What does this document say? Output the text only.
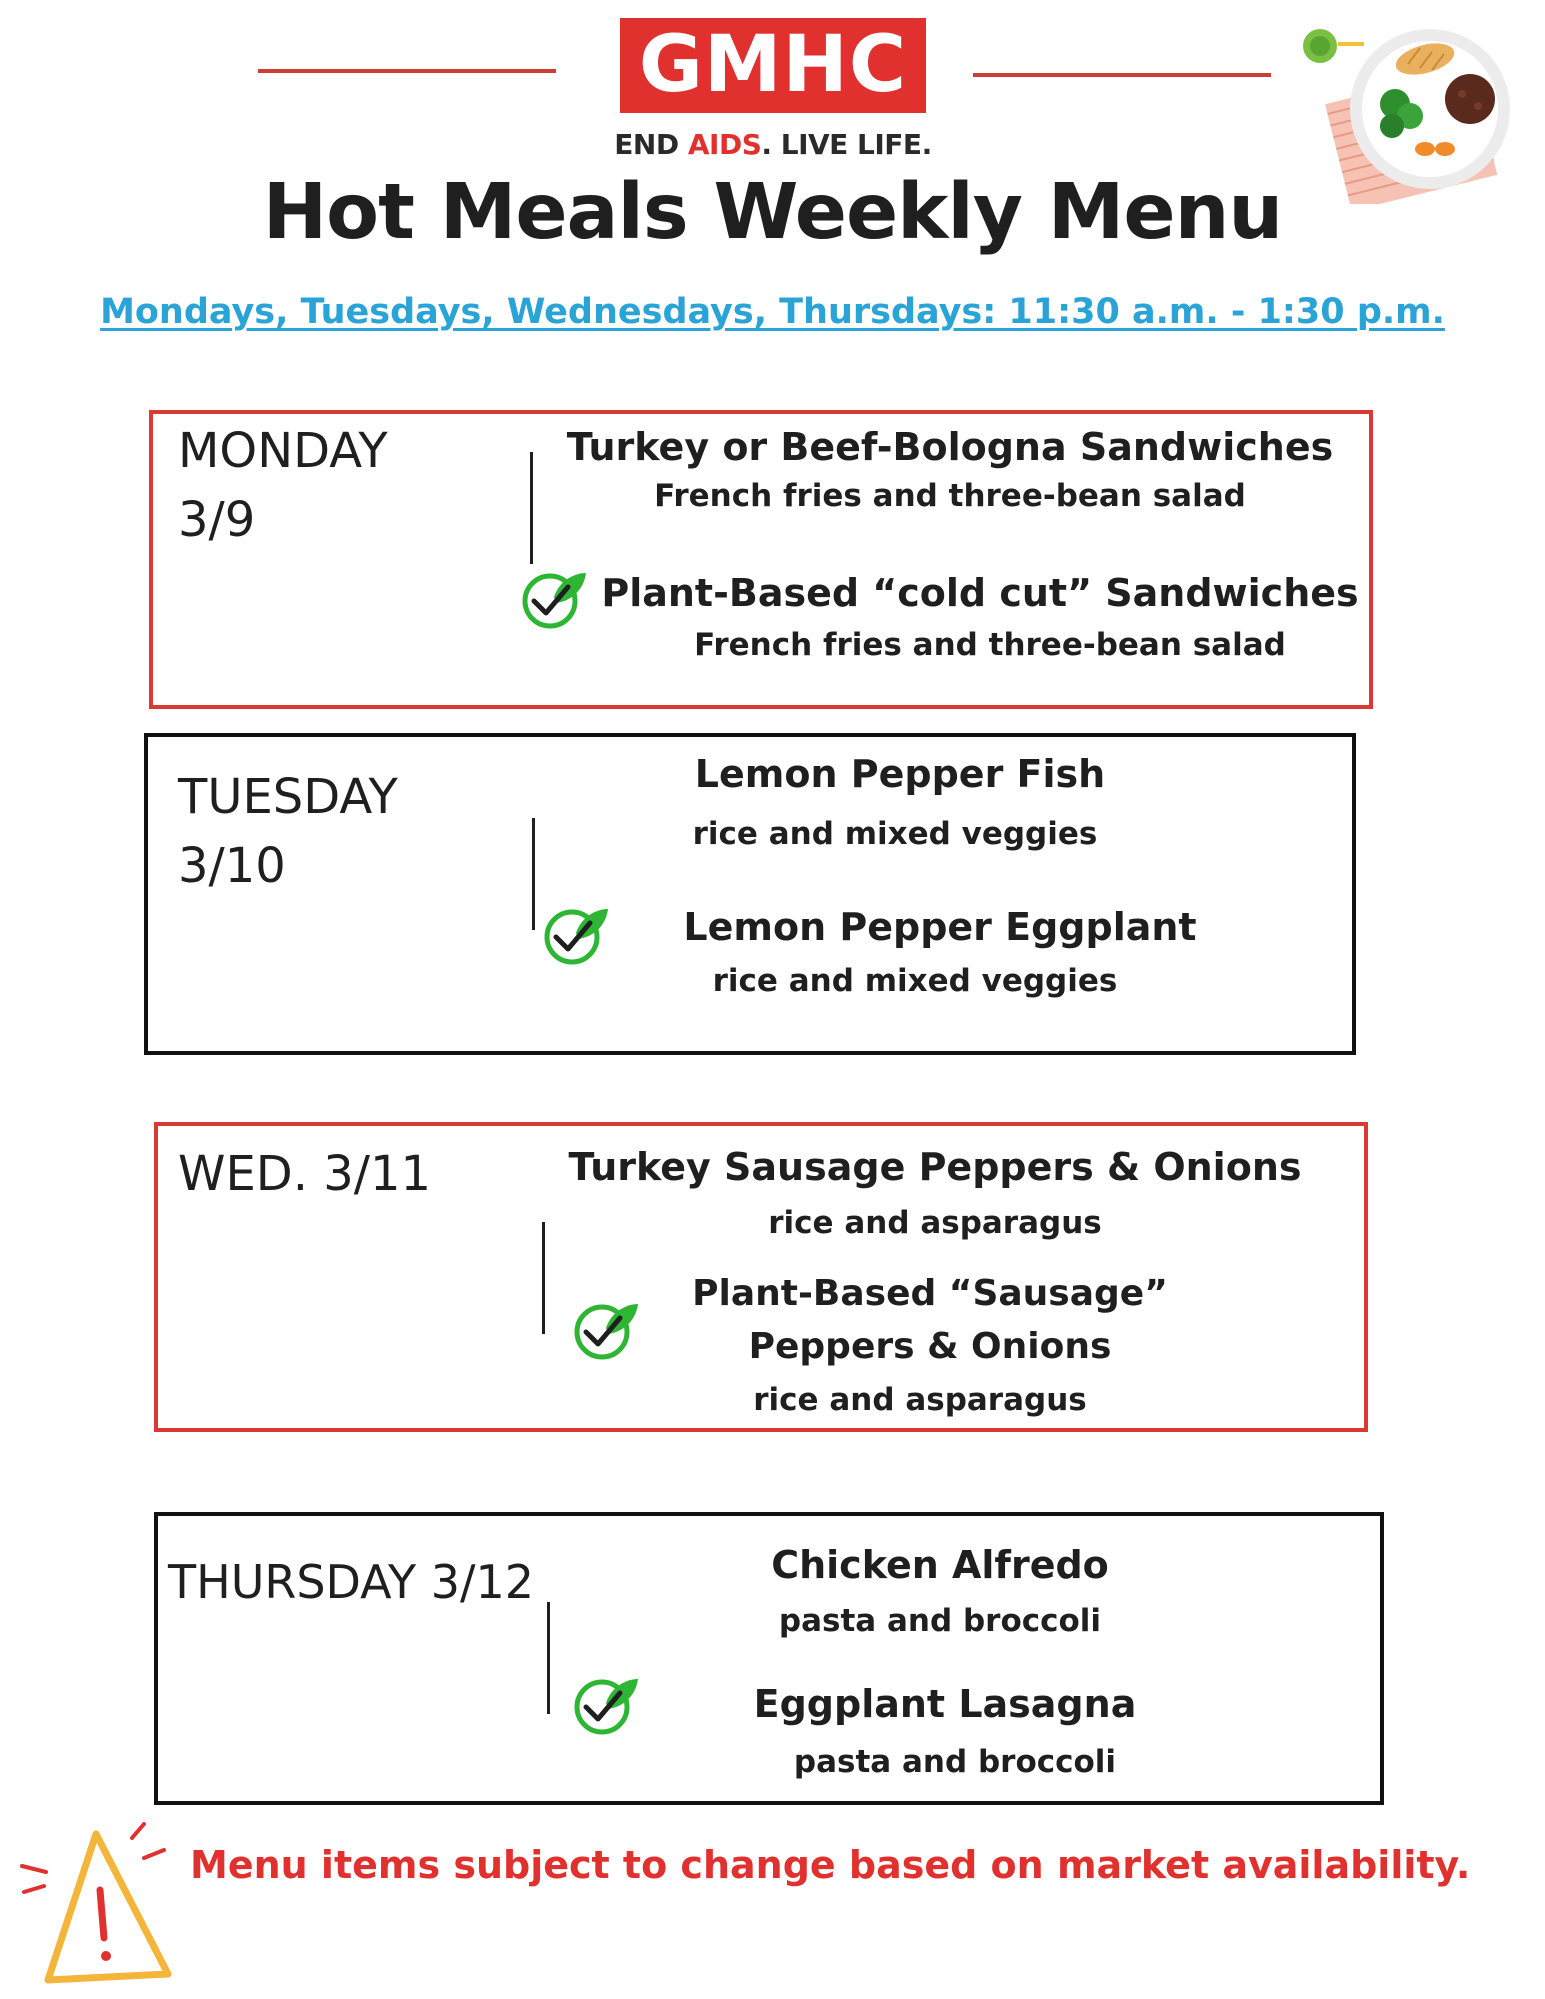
GMHC
END AIDS. LIVE LIFE.
Hot Meals Weekly Menu
Mondays, Tuesdays, Wednesdays, Thursdays: 11:30 a.m. - 1:30 p.m.
MONDAY
3/9
Turkey or Beef-Bologna Sandwiches
French fries and three-bean salad
Plant-Based “cold cut” Sandwiches
French fries and three-bean salad
TUESDAY
3/10
Lemon Pepper Fish
rice and mixed veggies
Lemon Pepper Eggplant
rice and mixed veggies
WED. 3/11	Turkey Sausage Peppers & Onions
rice and asparagus
Plant-Based “Sausage”
Peppers & Onions
rice and asparagus
THURSDAY 3/12	Chicken Alfredo
pasta and broccoli
Eggplant Lasagna
pasta and broccoli
Menu items subject to change based on market availability.
